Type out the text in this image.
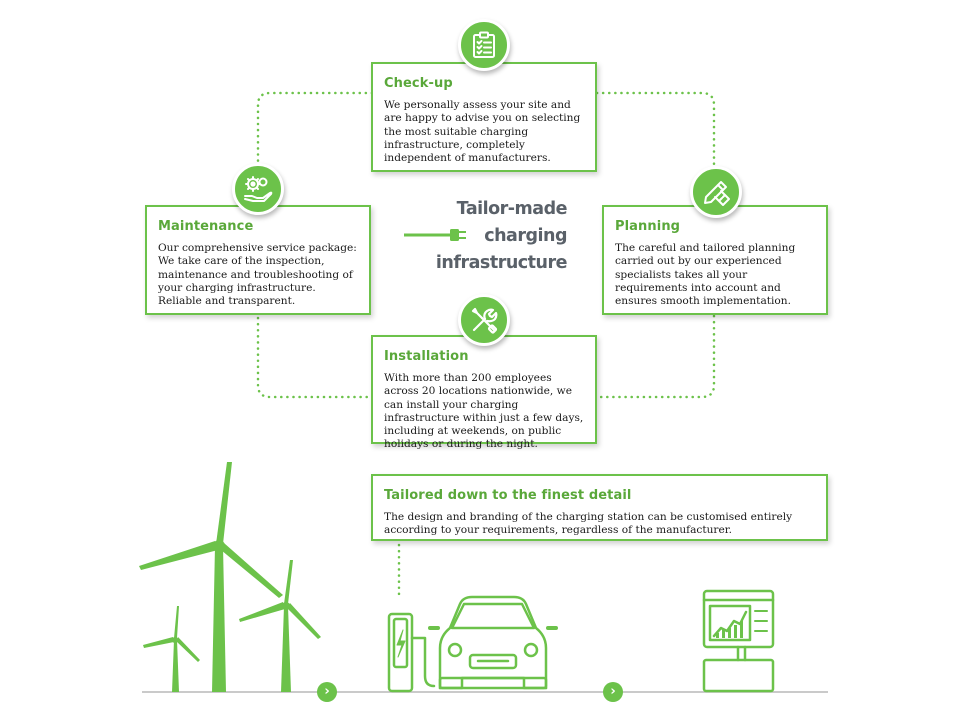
Tailor-made
charging
infrastructure
Check-up

We personally assess your site and are happy to advise you on selecting the most suitable charging infrastructure, completely independent of manufacturers.

Planning

The careful and tailored planning carried out by our experienced specialists takes all your requirements into account and ensures smooth implementation.

Maintenance

Our comprehensive service package: We take care of the inspection, maintenance and troubleshooting of your charging infrastructure. Reliable and transparent.

Installation

With more than 200 employees across 20 locations nationwide, we can install your charging infrastructure within just a few days, including at weekends, on public holidays or during the night.

Tailored down to the finest detail

The design and branding of the charging station can be customised entirely according to your requirements, regardless of the manufacturer.

›	›
